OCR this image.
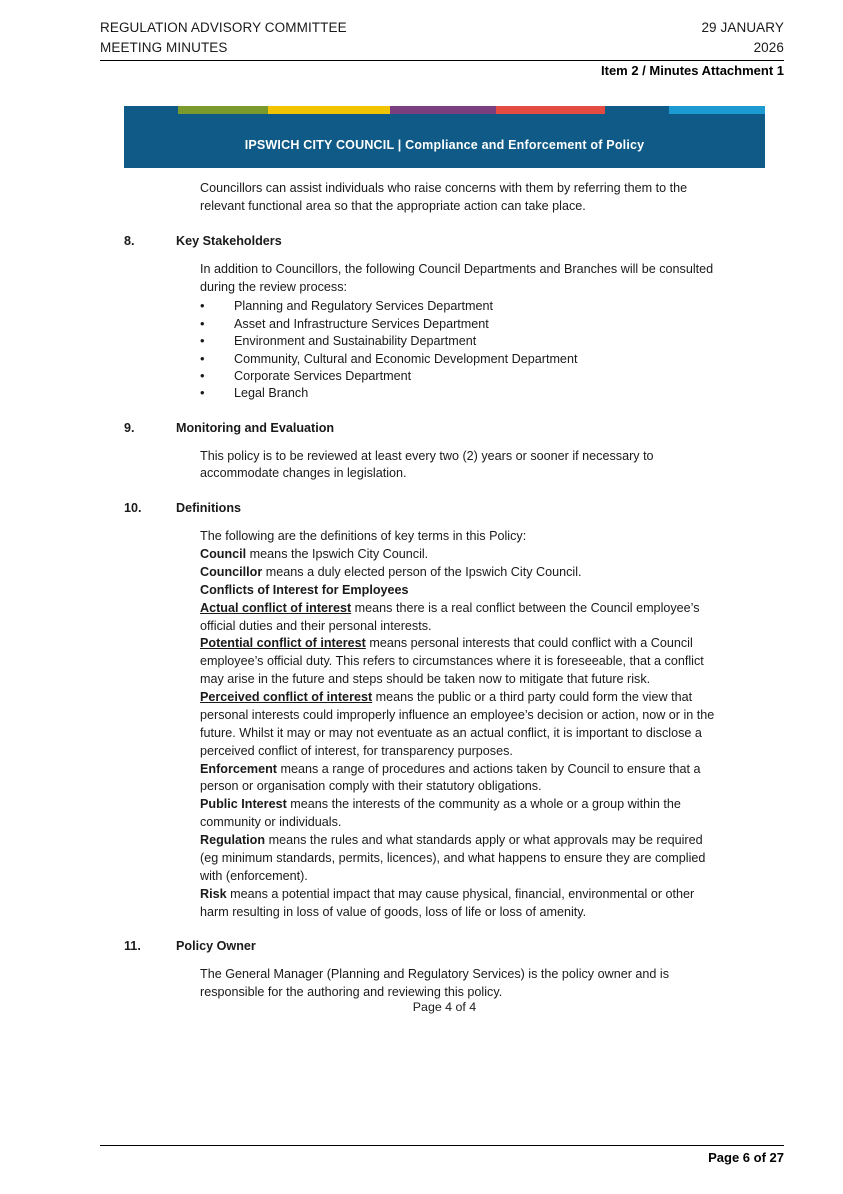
REGULATION ADVISORY COMMITTEE	29 JANUARY
MEETING MINUTES	2026
Item 2 / Minutes Attachment 1
IPSWICH CITY COUNCIL | Compliance and Enforcement of Policy

Councillors can assist individuals who raise concerns with them by referring them to the relevant functional area so that the appropriate action can take place.

8.	Key Stakeholders

In addition to Councillors, the following Council Departments and Branches will be consulted during the review process:

• Planning and Regulatory Services Department
• Asset and Infrastructure Services Department
• Environment and Sustainability Department
• Community, Cultural and Economic Development Department
• Corporate Services Department
• Legal Branch
9.	Monitoring and Evaluation

This policy is to be reviewed at least every two (2) years or sooner if necessary to accommodate changes in legislation.

10.	Definitions

The following are the definitions of key terms in this Policy:

Council means the Ipswich City Council.

Councillor means a duly elected person of the Ipswich City Council.

Conflicts of Interest for Employees

Actual conflict of interest means there is a real conflict between the Council employee’s official duties and their personal interests.

Potential conflict of interest means personal interests that could conflict with a Council employee’s official duty. This refers to circumstances where it is foreseeable, that a conflict may arise in the future and steps should be taken now to mitigate that future risk.

Perceived conflict of interest means the public or a third party could form the view that personal interests could improperly influence an employee’s decision or action, now or in the future. Whilst it may or may not eventuate as an actual conflict, it is important to disclose a perceived conflict of interest, for transparency purposes.

Enforcement means a range of procedures and actions taken by Council to ensure that a person or organisation comply with their statutory obligations.

Public Interest means the interests of the community as a whole or a group within the community or individuals.

Regulation means the rules and what standards apply or what approvals may be required (eg minimum standards, permits, licences), and what happens to ensure they are complied with (enforcement).

Risk means a potential impact that may cause physical, financial, environmental or other harm resulting in loss of value of goods, loss of life or loss of amenity.

11.	Policy Owner

The General Manager (Planning and Regulatory Services) is the policy owner and is responsible for the authoring and reviewing this policy.

Page 4 of 4
Page 6 of 27
